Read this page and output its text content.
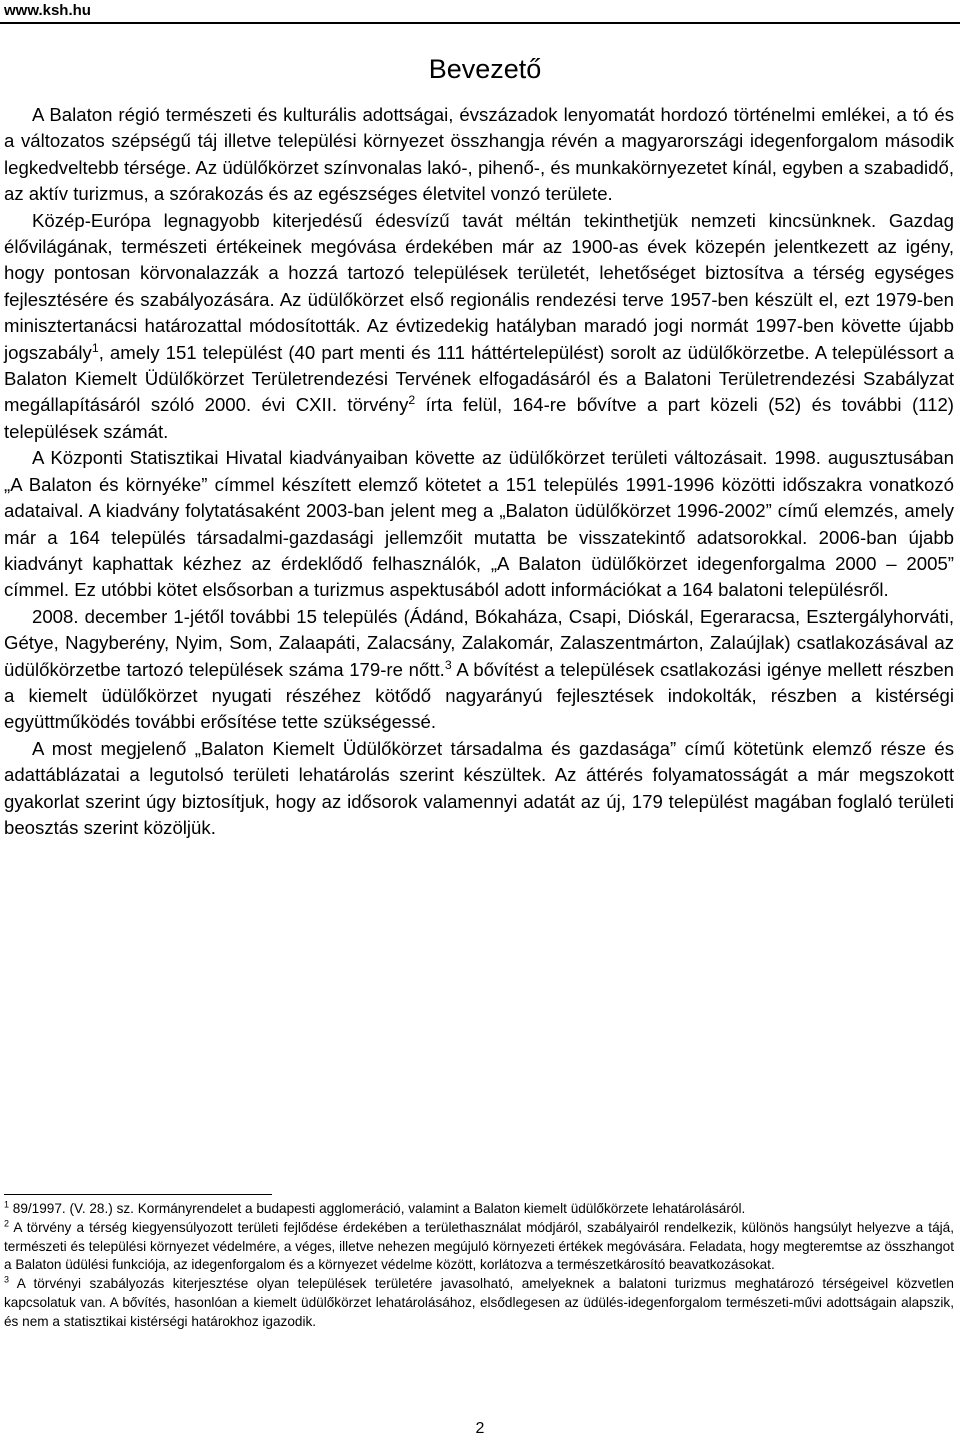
www.ksh.hu
Bevezető

A Balaton régió természeti és kulturális adottságai, évszázadok lenyomatát hordozó történelmi emlékei, a tó és a változatos szépségű táj illetve települési környezet összhangja révén a magyarországi idegenforgalom második legkedveltebb térsége. Az üdülőkörzet színvonalas lakó-, pihenő-, és munkakörnyezetet kínál, egyben a szabadidő, az aktív turizmus, a szórakozás és az egészséges életvitel vonzó területe.

Közép-Európa legnagyobb kiterjedésű édesvízű tavát méltán tekinthetjük nemzeti kincsünknek. Gazdag élővilágának, természeti értékeinek megóvása érdekében már az 1900-as évek közepén jelentkezett az igény, hogy pontosan körvonalazzák a hozzá tartozó települések területét, lehetőséget biztosítva a térség egységes fejlesztésére és szabályozására. Az üdülőkörzet első regionális rendezési terve 1957-ben készült el, ezt 1979-ben minisztertanácsi határozattal módosították. Az évtizedekig hatályban maradó jogi normát 1997-ben követte újabb jogszabály$^1$, amely 151 települést (40 part menti és 111 háttértelepülést) sorolt az üdülőkörzetbe. A településsort a Balaton Kiemelt Üdülőkörzet Területrendezési Tervének elfogadásáról és a Balatoni Területrendezési Szabályzat megállapításáról szóló 2000. évi CXII. törvény$^2$ írta felül, 164-re bővítve a part közeli (52) és további (112) települések számát.

A Központi Statisztikai Hivatal kiadványaiban követte az üdülőkörzet területi változásait. 1998. augusztusában „A Balaton és környéke” címmel készített elemző kötetet a 151 település 1991-1996 közötti időszakra vonatkozó adataival. A kiadvány folytatásaként 2003-ban jelent meg a „Balaton üdülőkörzet 1996-2002” című elemzés, amely már a 164 település társadalmi-gazdasági jellemzőit mutatta be visszatekintő adatsorokkal. 2006-ban újabb kiadványt kaphattak kézhez az érdeklődő felhasználók, „A Balaton üdülőkörzet idegenforgalma 2000 – 2005” címmel. Ez utóbbi kötet elsősorban a turizmus aspektusából adott információkat a 164 balatoni településről.

2008. december 1-jétől további 15 település (Ádánd, Bókaháza, Csapi, Dióskál, Egeraracsa, Esztergályhorváti, Gétye, Nagyberény, Nyim, Som, Zalaapáti, Zalacsány, Zalakomár, Zalaszentmárton, Zalaújlak) csatlakozásával az üdülőkörzetbe tartozó települések száma 179-re nőtt.$^3$ A bővítést a települések csatlakozási igénye mellett részben a kiemelt üdülőkörzet nyugati részéhez kötődő nagyarányú fejlesztések indokolták, részben a kistérségi együttműködés további erősítése tette szükségessé.

A most megjelenő „Balaton Kiemelt Üdülőkörzet társadalma és gazdasága” című kötetünk elemző része és adattáblázatai a legutolsó területi lehatárolás szerint készültek. Az áttérés folyamatosságát a már megszokott gyakorlat szerint úgy biztosítjuk, hogy az idősorok valamennyi adatát az új, 179 települést magában foglaló területi beosztás szerint közöljük.

$^1$ 89/1997. (V. 28.) sz. Kormányrendelet a budapesti agglomeráció, valamint a Balaton kiemelt üdülőkörzete lehatárolásáról.

$^2$ A törvény a térség kiegyensúlyozott területi fejlődése érdekében a területhasználat módjáról, szabályairól rendelkezik, különös hangsúlyt helyezve a tájá, természeti és települési környezet védelmére, a véges, illetve nehezen megújuló környezeti értékek megóvására. Feladata, hogy megteremtse az összhangot a Balaton üdülési funkciója, az idegenforgalom és a környezet védelme között, korlátozva a természetkárosító beavatkozásokat.

$^3$ A törvényi szabályozás kiterjesztése olyan települések területére javasolható, amelyeknek a balatoni turizmus meghatározó térségeivel közvetlen kapcsolatuk van. A bővítés, hasonlóan a kiemelt üdülőkörzet lehatárolásához, elsődlegesen az üdülés-idegenforgalom természeti-művi adottságain alapszik, és nem a statisztikai kistérségi határokhoz igazodik.

2
